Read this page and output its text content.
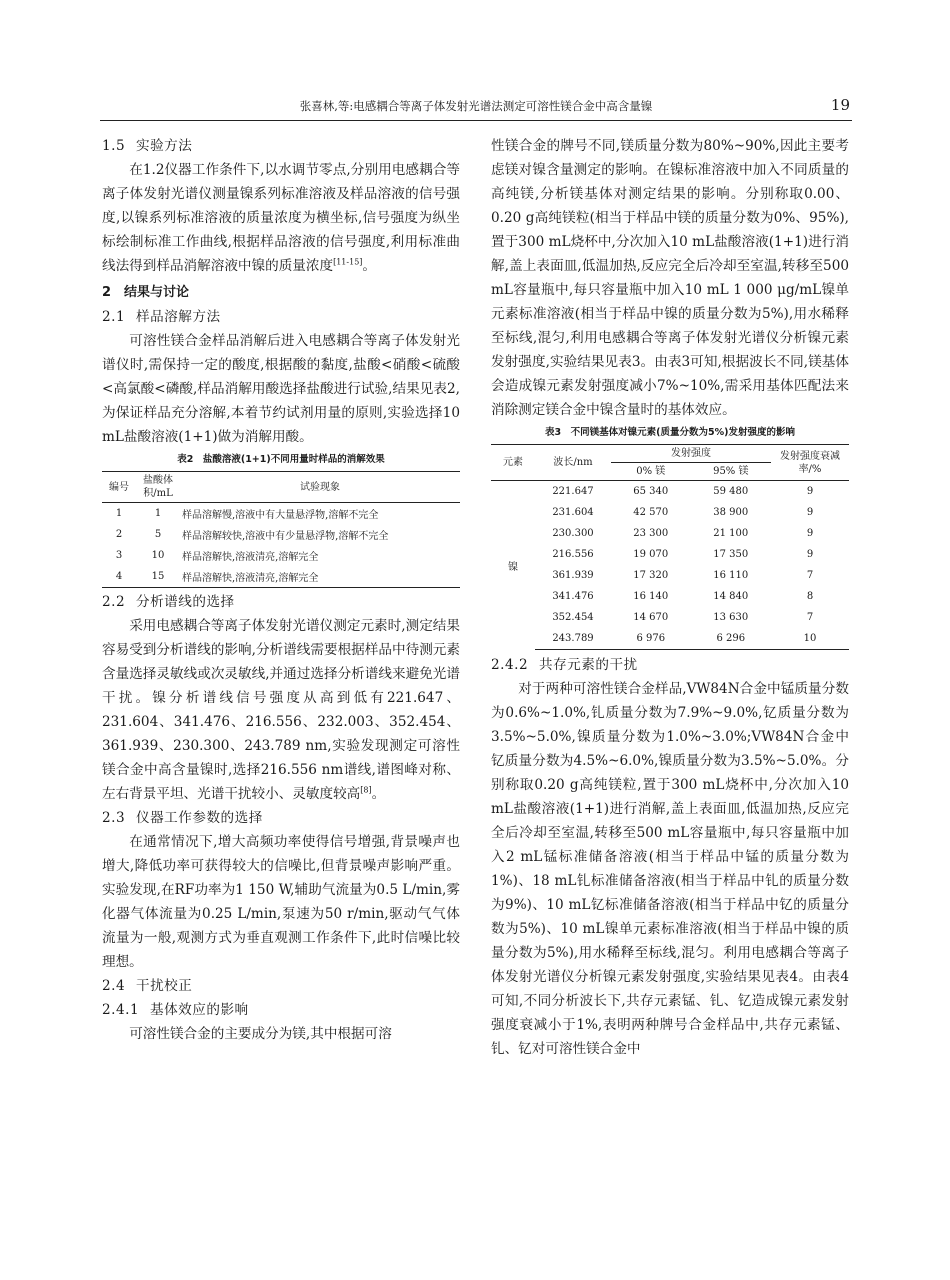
张喜林,等:电感耦合等离子体发射光谱法测定可溶性镁合金中高含量镍	19
1.5 实验方法

在1.2仪器工作条件下,以水调节零点,分别用电感耦合等离子体发射光谱仪测量镍系列标准溶液及样品溶液的信号强度,以镍系列标准溶液的质量浓度为横坐标,信号强度为纵坐标绘制标准工作曲线,根据样品溶液的信号强度,利用标准曲线法得到样品消解溶液中镍的质量浓度[11-15]。

2 结果与讨论
2.1 样品溶解方法

可溶性镁合金样品消解后进入电感耦合等离子体发射光谱仪时,需保持一定的酸度,根据酸的黏度,盐酸<硝酸<硫酸<高氯酸<磷酸,样品消解用酸选择盐酸进行试验,结果见表2,为保证样品充分溶解,本着节约试剂用量的原则,实验选择10 mL盐酸溶液(1+1)做为消解用酸。

表2　盐酸溶液(1+1)不同用量时样品的消解效果
编号	盐酸体积/mL	试验现象
1	1	样品溶解慢,溶液中有大量悬浮物,溶解不完全
2	5	样品溶解较快,溶液中有少量悬浮物,溶解不完全
3	10	样品溶解快,溶液清亮,溶解完全
4	15	样品溶解快,溶液清亮,溶解完全
2.2 分析谱线的选择

采用电感耦合等离子体发射光谱仪测定元素时,测定结果容易受到分析谱线的影响,分析谱线需要根据样品中待测元素含量选择灵敏线或次灵敏线,并通过选择分析谱线来避免光谱干扰。镍分析谱线信号强度从高到低有221.647、231.604、341.476、216.556、232.003、352.454、361.939、230.300、243.789 nm,实验发现测定可溶性镁合金中高含量镍时,选择216.556 nm谱线,谱图峰对称、左右背景平坦、光谱干扰较小、灵敏度较高[8]。

2.3 仪器工作参数的选择

在通常情况下,增大高频功率使得信号增强,背景噪声也增大,降低功率可获得较大的信噪比,但背景噪声影响严重。实验发现,在RF功率为1 150 W,辅助气流量为0.5 L/min,雾化器气体流量为0.25 L/min,泵速为50 r/min,驱动气气体流量为一般,观测方式为垂直观测工作条件下,此时信噪比较理想。

2.4 干扰校正
2.4.1 基体效应的影响

可溶性镁合金的主要成分为镁,其中根据可溶

性镁合金的牌号不同,镁质量分数为80%~90%,因此主要考虑镁对镍含量测定的影响。在镍标准溶液中加入不同质量的高纯镁,分析镁基体对测定结果的影响。分别称取0.00、0.20 g高纯镁粒(相当于样品中镁的质量分数为0%、95%),置于300 mL烧杯中,分次加入10 mL盐酸溶液(1+1)进行消解,盖上表面皿,低温加热,反应完全后冷却至室温,转移至500 mL容量瓶中,每只容量瓶中加入10 mL 1 000 μg/mL镍单元素标准溶液(相当于样品中镍的质量分数为5%),用水稀释至标线,混匀,利用电感耦合等离子体发射光谱仪分析镍元素发射强度,实验结果见表3。由表3可知,根据波长不同,镁基体会造成镍元素发射强度减小7%~10%,需采用基体匹配法来消除测定镁合金中镍含量时的基体效应。

表3　不同镁基体对镍元素(质量分数为5%)发射强度的影响
元素	波长/nm	发射强度		发射强度衰减率/%
		0% 镁	95% 镁	
镍	221.647	65 340	59 480	9
	231.604	42 570	38 900	9
	230.300	23 300	21 100	9
	216.556	19 070	17 350	9
	361.939	17 320	16 110	7
	341.476	16 140	14 840	8
	352.454	14 670	13 630	7
	243.789	6 976	6 296	10
2.4.2 共存元素的干扰

对于两种可溶性镁合金样品,VW84N合金中锰质量分数为0.6%~1.0%,钆质量分数为7.9%~9.0%,钇质量分数为3.5%~5.0%,镍质量分数为1.0%~3.0%;VW84N合金中钇质量分数为4.5%~6.0%,镍质量分数为3.5%~5.0%。分别称取0.20 g高纯镁粒,置于300 mL烧杯中,分次加入10 mL盐酸溶液(1+1)进行消解,盖上表面皿,低温加热,反应完全后冷却至室温,转移至500 mL容量瓶中,每只容量瓶中加入2 mL锰标准储备溶液(相当于样品中锰的质量分数为1%)、18 mL钆标准储备溶液(相当于样品中钆的质量分数为9%)、10 mL钇标准储备溶液(相当于样品中钇的质量分数为5%)、10 mL镍单元素标准溶液(相当于样品中镍的质量分数为5%),用水稀释至标线,混匀。利用电感耦合等离子体发射光谱仪分析镍元素发射强度,实验结果见表4。由表4可知,不同分析波长下,共存元素锰、钆、钇造成镍元素发射强度衰减小于1%,表明两种牌号合金样品中,共存元素锰、钆、钇对可溶性镁合金中
